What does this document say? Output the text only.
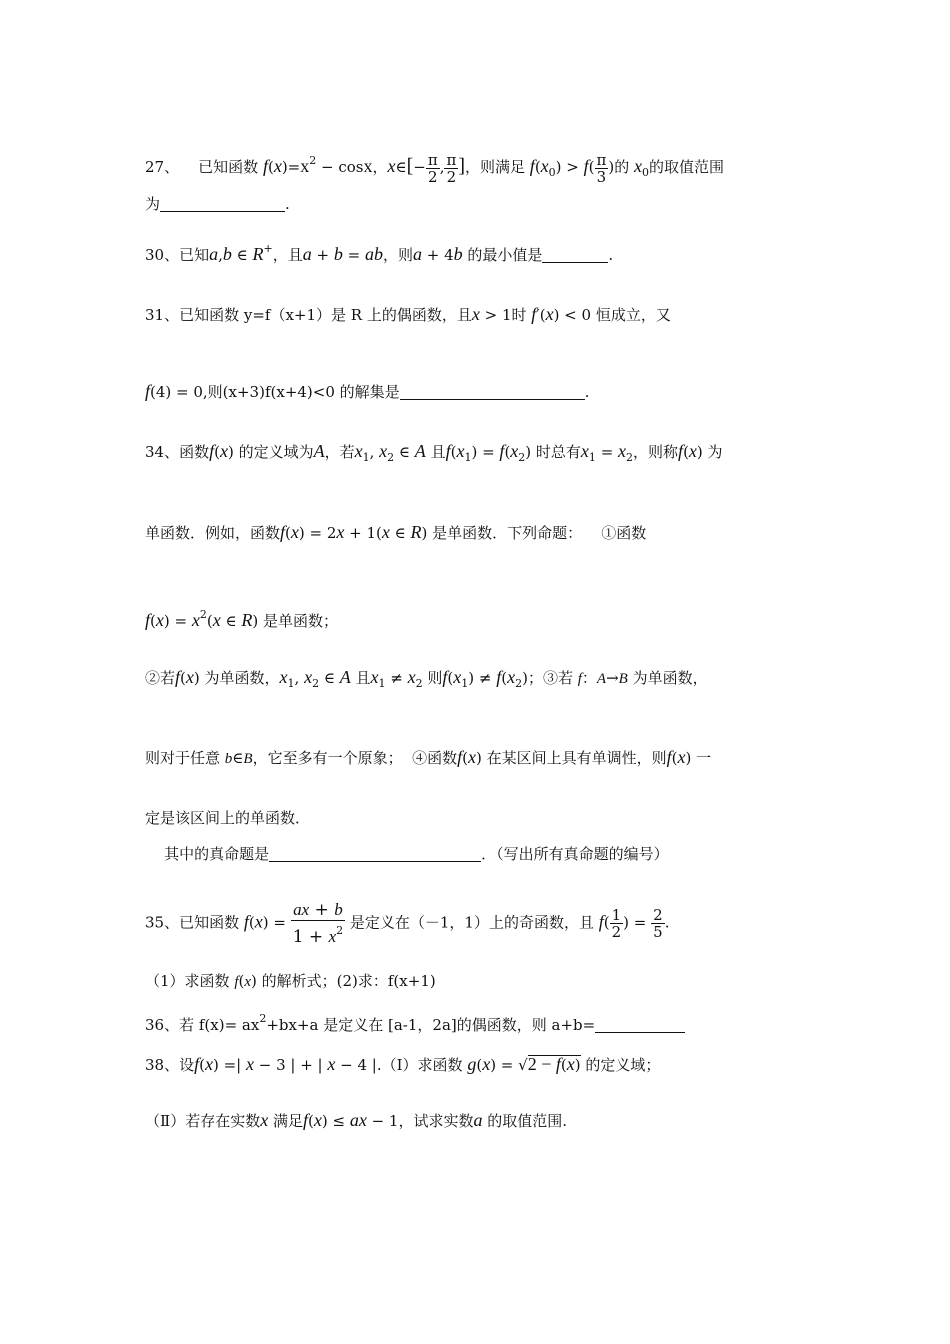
27、    已知函数 $f(x)=x^2 - \cos x$，x∈[− $\frac{\pi}{2}$ , $\frac{\pi}{2}$ ]，则满足 $f(x_0) > f( \frac{\pi}{3}$ )的 $x_0$的取值范围
为	.
30、已知a,b ∈ R+，且a + b = ab，则a + 4b 的最小值是	.
31、已知函数 y=f（x+1）是 R 上的偶函数，且x > 1时 f′(x) < 0 恒成立，又
f(4) = 0,则(x+3)f(x+4)<0 的解集是	.
34、函数f(x) 的定义域为A，若$x_1$, $x_2$ ∈ A 且$f(x_1) = f(x_2)$ 时总有$x_1 = x_2$，则称f(x) 为
单函数．例如，函数f(x) = 2x + 1(x ∈ R) 是单函数．下列命题：    ①函数
$f(x) = x^2(x$ ∈ R) 是单函数；
②若f(x) 为单函数，$x_1$, $x_2$ ∈ A 且$x_1 \ne x_2$ 则$f(x_1) \ne f(x_2)$；③若 f：A→B 为单函数，
则对于任意 b∈B，它至多有一个原象；  ④函数f(x) 在某区间上具有单调性，则f(x) 一
定是该区间上的单函数．
其中的真命题是	．（写出所有真命题的编号）
35、已知函数 $f(x) = \frac{ax + b}{1 + x^2}$ 是定义在（－1，1）上的奇函数，且 $f( \frac{1}{2}$ ) = $\frac{2}{5}$ .
（1）求函数 f(x) 的解析式；(2)求：f(x+1)
36、若 $f(x)= ax^2+bx+a$ 是定义在 [a-1，2a]的偶函数，则 a+b=
38、设f(x) =| x − 3 | + | x − 4 |.（Ⅰ）求函数 g(x) = √2 − f(x) 的定义域；
（Ⅱ）若存在实数x 满足f(x) ≤ ax − 1，试求实数a 的取值范围.
